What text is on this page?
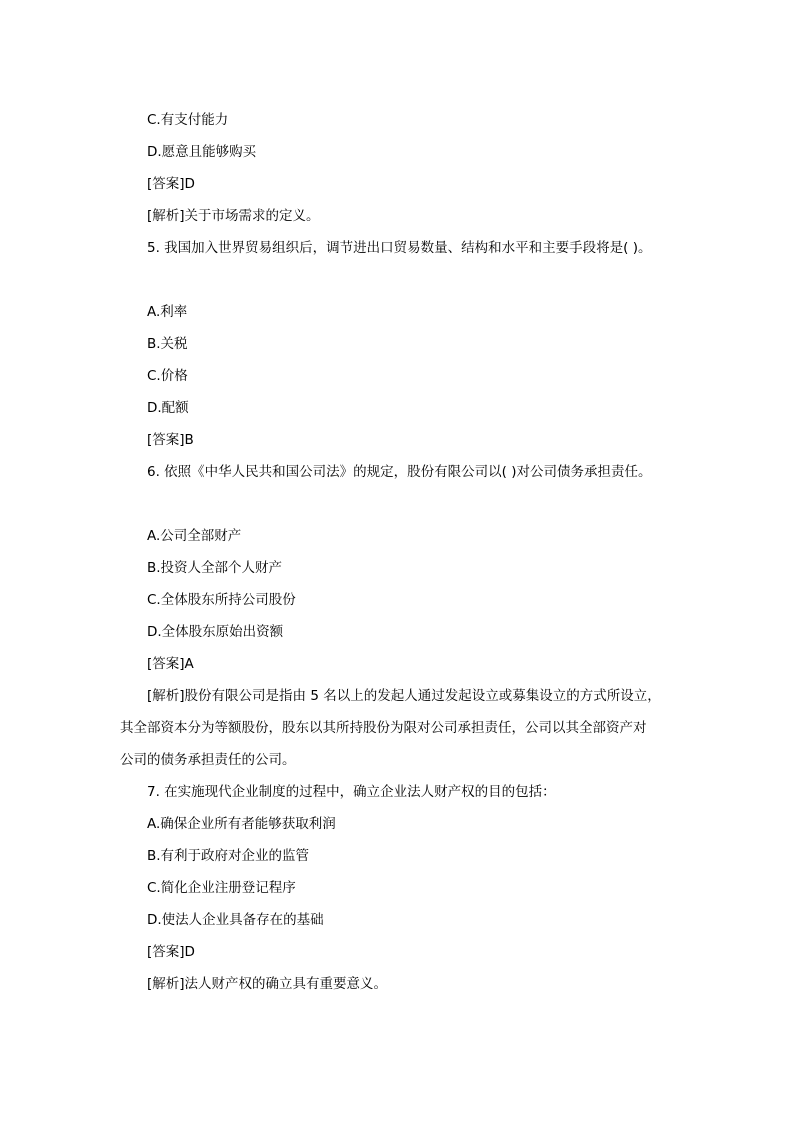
C.有支付能力
D.愿意且能够购买
[答案]D
[解析]关于市场需求的定义。
5. 我国加入世界贸易组织后，调节进出口贸易数量、结构和水平和主要手段将是( )。
A.利率
B.关税
C.价格
D.配额
[答案]B
6. 依照《中华人民共和国公司法》的规定，股份有限公司以( )对公司债务承担责任。
A.公司全部财产
B.投资人全部个人财产
C.全体股东所持公司股份
D.全体股东原始出资额
[答案]A
[解析]股份有限公司是指由 5 名以上的发起人通过发起设立或募集设立的方式所设立，
其全部资本分为等额股份，股东以其所持股份为限对公司承担责任，公司以其全部资产对
公司的债务承担责任的公司。
7. 在实施现代企业制度的过程中，确立企业法人财产权的目的包括：
A.确保企业所有者能够获取利润
B.有利于政府对企业的监管
C.简化企业注册登记程序
D.使法人企业具备存在的基础
[答案]D
[解析]法人财产权的确立具有重要意义。
